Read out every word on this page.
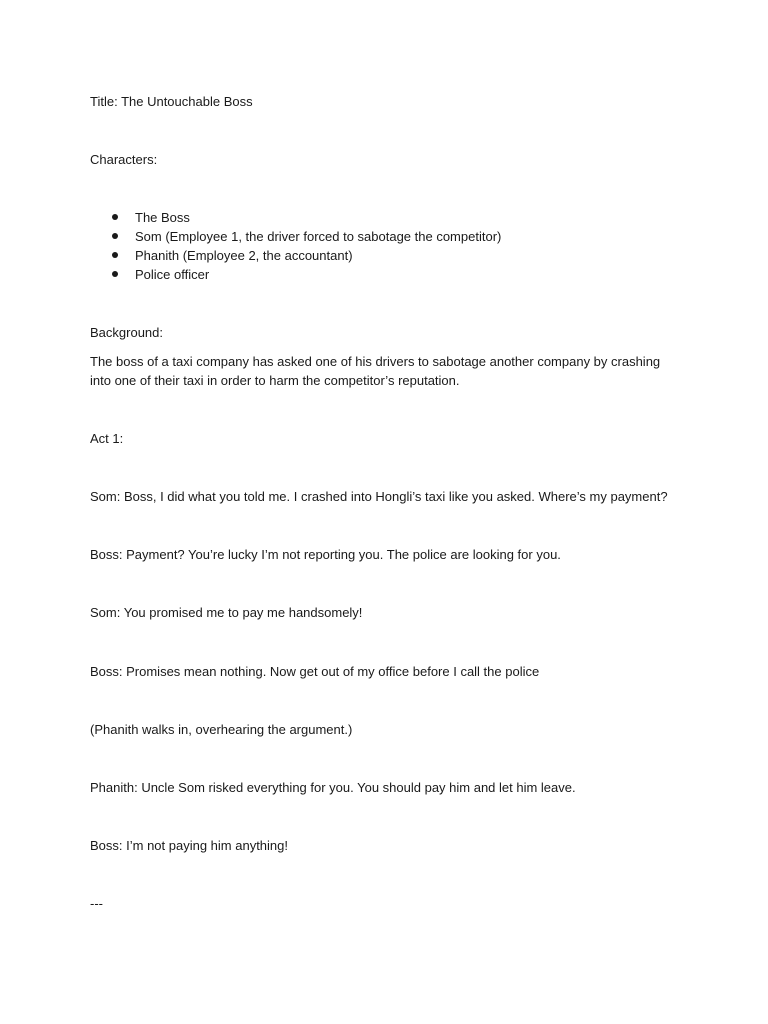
Title: The Untouchable Boss
Characters:
The Boss
Som (Employee 1, the driver forced to sabotage the competitor)
Phanith (Employee 2, the accountant)
Police officer
Background:
The boss of a taxi company has asked one of his drivers to sabotage another company by crashing into one of their taxi in order to harm the competitor’s reputation.
Act 1:
Som: Boss, I did what you told me. I crashed into Hongli’s taxi like you asked. Where’s my payment?
Boss: Payment? You’re lucky I’m not reporting you. The police are looking for you.
Som: You promised me to pay me handsomely!
Boss: Promises mean nothing. Now get out of my office before I call the police
(Phanith walks in, overhearing the argument.)
Phanith: Uncle Som risked everything for you. You should pay him and let him leave.
Boss: I’m not paying him anything!
---
